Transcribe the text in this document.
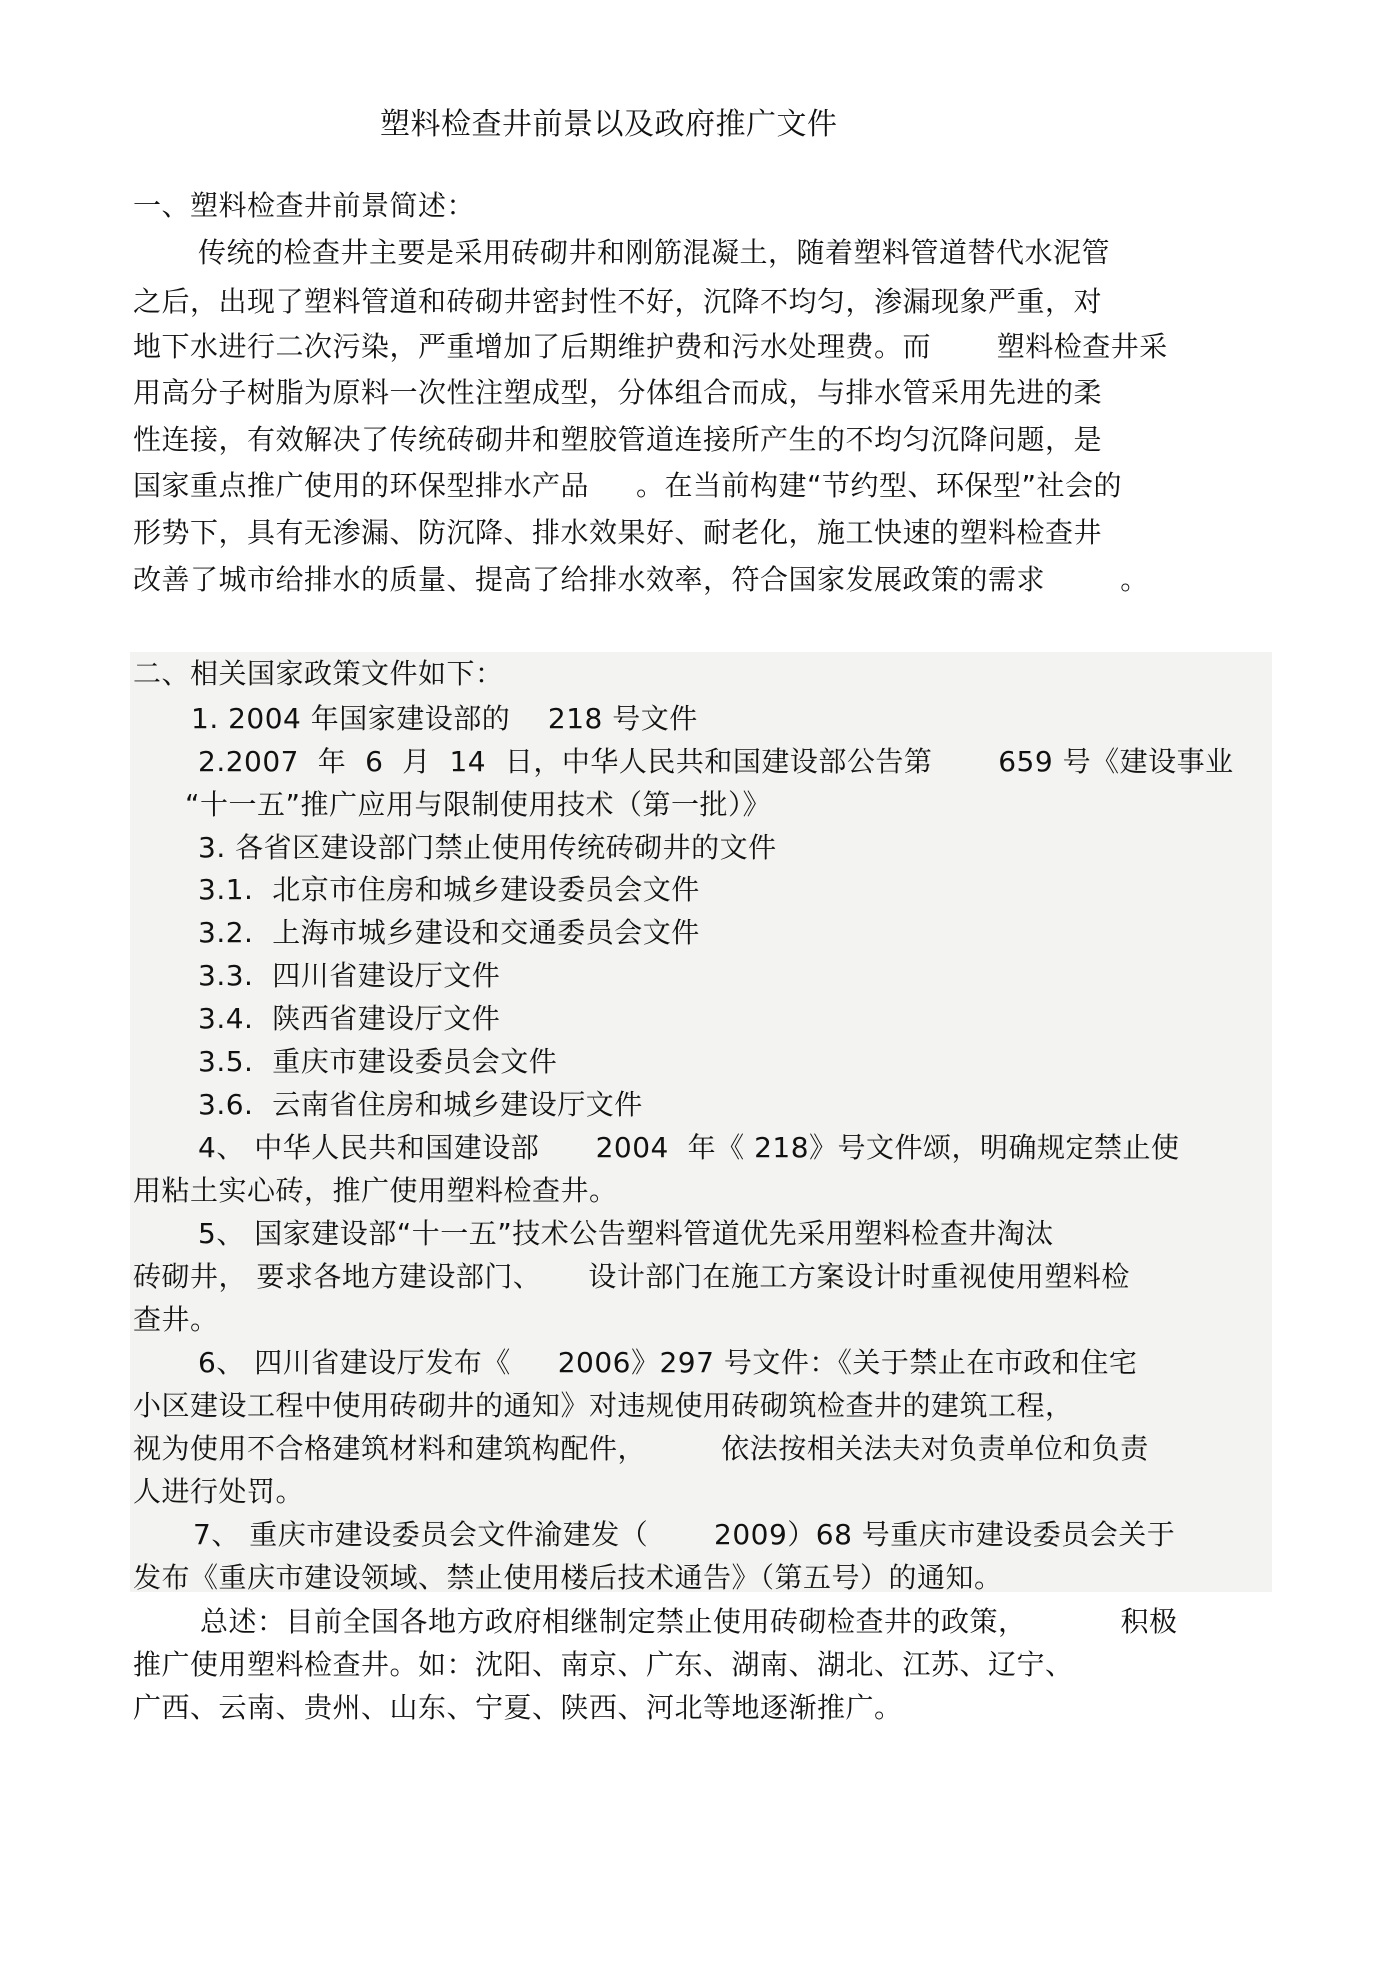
塑料检查井前景以及政府推广文件
一、塑料检查井前景简述：
传统的检查井主要是采用砖砌井和刚筋混凝土，随着塑料管道替代水泥管
之后，出现了塑料管道和砖砌井密封性不好，沉降不均匀，渗漏现象严重，对
地下水进行二次污染，严重增加了后期维护费和污水处理费。而       塑料检查井采
用高分子树脂为原料一次性注塑成型，分体组合而成，与排水管采用先进的柔
性连接，有效解决了传统砖砌井和塑胶管道连接所产生的不均匀沉降问题，是
国家重点推广使用的环保型排水产品     。在当前构建“节约型、环保型”社会的
形势下，具有无渗漏、防沉降、排水效果好、耐老化，施工快速的塑料检查井
改善了城市给排水的质量、提高了给排水效率，符合国家发展政策的需求        。
二、相关国家政策文件如下：
1. 2004 年国家建设部的    218 号文件
2.2007  年  6  月  14  日，中华人民共和国建设部公告第       659 号《建设事业
“十一五”推广应用与限制使用技术（第一批）》
3. 各省区建设部门禁止使用传统砖砌井的文件
3.1.  北京市住房和城乡建设委员会文件
3.2.  上海市城乡建设和交通委员会文件
3.3.  四川省建设厅文件
3.4.  陕西省建设厅文件
3.5.  重庆市建设委员会文件
3.6.  云南省住房和城乡建设厅文件
4、 中华人民共和国建设部      2004  年《 218》号文件颂，明确规定禁止使
用粘土实心砖，推广使用塑料检查井。
5、 国家建设部“十一五”技术公告塑料管道优先采用塑料检查井淘汰
砖砌井， 要求各地方建设部门、     设计部门在施工方案设计时重视使用塑料检
查井。
6、 四川省建设厅发布《     2006》297 号文件：《关于禁止在市政和住宅
小区建设工程中使用砖砌井的通知》对违规使用砖砌筑检查井的建筑工程，
视为使用不合格建筑材料和建筑构配件，        依法按相关法夫对负责单位和负责
人进行处罚。
7、 重庆市建设委员会文件渝建发（       2009）68 号重庆市建设委员会关于
发布《重庆市建设领域、禁止使用楼后技术通告》（第五号）的通知。
总述：目前全国各地方政府相继制定禁止使用砖砌检查井的政策，          积极
推广使用塑料检查井。如：沈阳、南京、广东、湖南、湖北、江苏、辽宁、
广西、云南、贵州、山东、宁夏、陕西、河北等地逐渐推广。
